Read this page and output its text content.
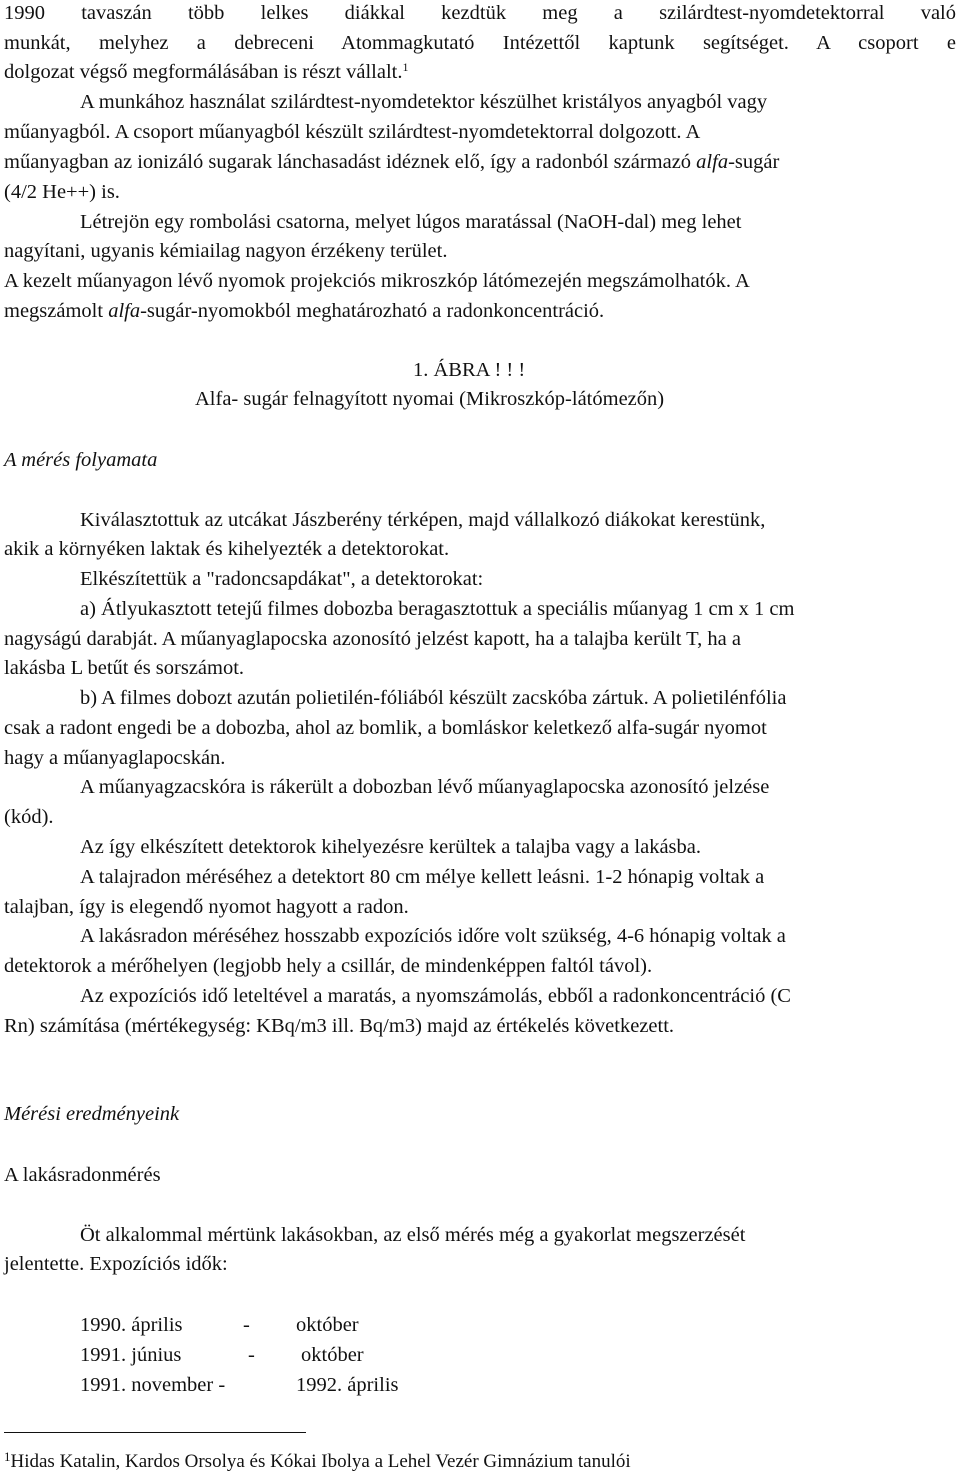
1990 tavaszán több lelkes diákkal kezdtük meg a szilárdtest-nyomdetektorral való
munkát, melyhez a debreceni Atommagkutató Intézettől kaptunk segítséget. A csoport e
dolgozat végső megformálásában is részt vállalt.$^1$
A munkához használat szilárdtest-nyomdetektor készülhet kristályos anyagból vagy
műanyagból. A csoport műanyagból készült szilárdtest-nyomdetektorral dolgozott. A
műanyagban az ionizáló sugarak lánchasadást idéznek elő, így a radonból származó alfa-sugár
(4/2 He++) is.
Létrejön egy rombolási csatorna, melyet lúgos maratással (NaOH-dal) meg lehet
nagyítani, ugyanis kémiailag nagyon érzékeny terület.
A kezelt műanyagon lévő nyomok projekciós mikroszkóp látómezején megszámolhatók. A
megszámolt alfa-sugár-nyomokból meghatározható a radonkoncentráció.
1. ÁBRA ! ! !
Alfa- sugár felnagyított nyomai (Mikroszkóp-látómezőn)
A mérés folyamata
Kiválasztottuk az utcákat Jászberény térképen, majd vállalkozó diákokat kerestünk,
akik a környéken laktak és kihelyezték a detektorokat.
Elkészítettük a "radoncsapdákat", a detektorokat:
a) Átlyukasztott tetejű filmes dobozba beragasztottuk a speciális műanyag 1 cm x 1 cm
nagyságú darabját. A műanyaglapocska azonosító jelzést kapott, ha a talajba került T, ha a
lakásba L betűt és sorszámot.
b) A filmes dobozt azután polietilén-fóliából készült zacskóba zártuk. A polietilénfólia
csak a radont engedi be a dobozba, ahol az bomlik, a bomláskor keletkező alfa-sugár nyomot
hagy a műanyaglapocskán.
A műanyagzacskóra is rákerült a dobozban lévő műanyaglapocska azonosító jelzése
(kód).
Az így elkészített detektorok kihelyezésre kerültek a talajba vagy a lakásba.
A talajradon méréséhez a detektort 80 cm mélye kellett leásni. 1-2 hónapig voltak a
talajban, így is elegendő nyomot hagyott a radon.
A lakásradon méréséhez hosszabb expozíciós időre volt szükség, 4-6 hónapig voltak a
detektorok a mérőhelyen (legjobb hely a csillár, de mindenképpen faltól távol).
Az expozíciós idő leteltével a maratás, a nyomszámolás, ebből a radonkoncentráció (C
Rn) számítása (mértékegység: KBq/m3 ill. Bq/m3) majd az értékelés következett.
Mérési eredményeink
A lakásradonmérés
Öt alkalommal mértünk lakásokban, az első mérés még a gyakorlat megszerzését
jelentette. Expozíciós idők:
1990. április	- október
1991. június	- október
1991. november -	1992. április
$^1$Hidas Katalin, Kardos Orsolya és Kókai Ibolya a Lehel Vezér Gimnázium tanulói
